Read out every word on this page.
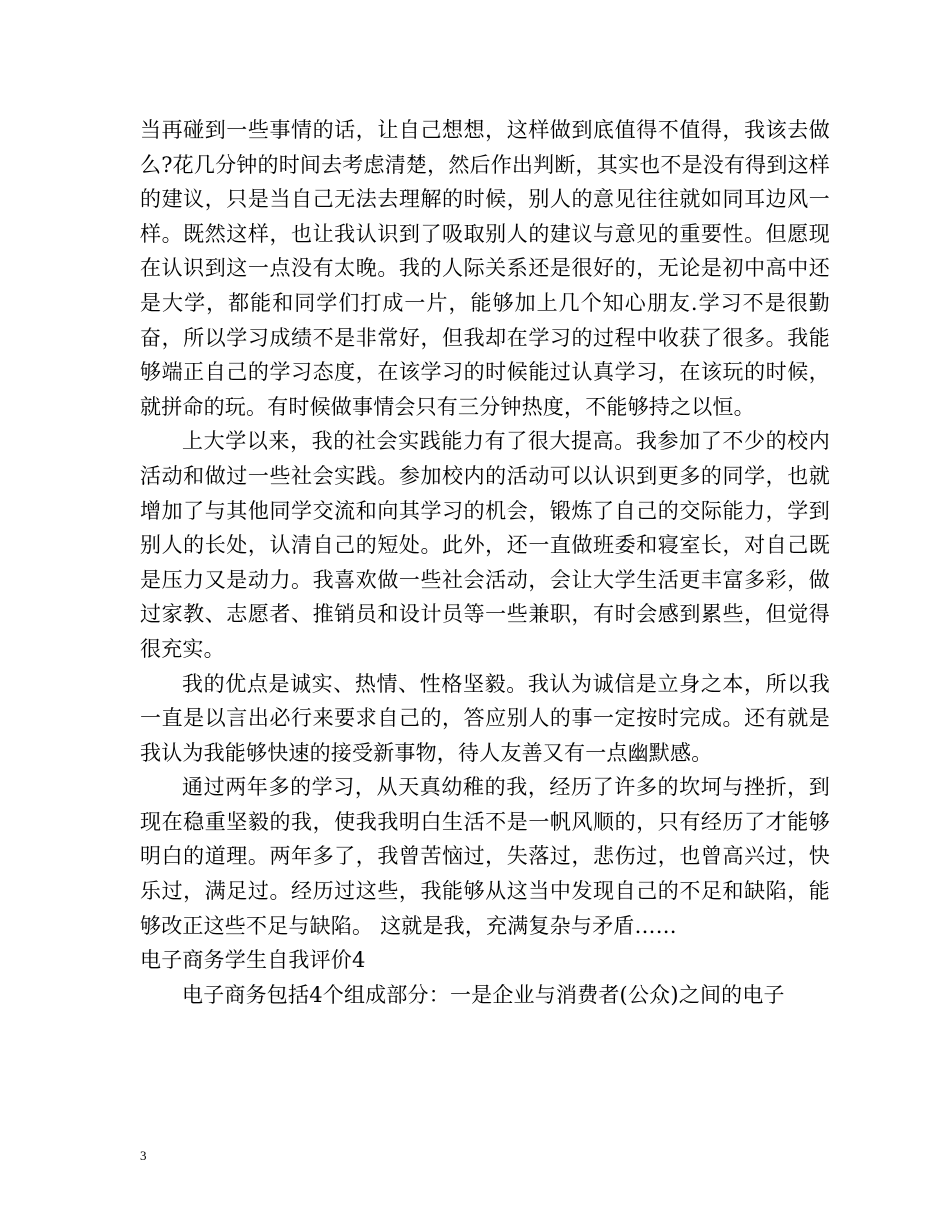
当再碰到一些事情的话，让自己想想，这样做到底值得不值得，我该去做么?花几分钟的时间去考虑清楚，然后作出判断，其实也不是没有得到这样的建议，只是当自己无法去理解的时候，别人的意见往往就如同耳边风一样。既然这样，也让我认识到了吸取别人的建议与意见的重要性。但愿现在认识到这一点没有太晚。我的人际关系还是很好的，无论是初中高中还是大学，都能和同学们打成一片，能够加上几个知心朋友.学习不是很勤奋，所以学习成绩不是非常好，但我却在学习的过程中收获了很多。我能够端正自己的学习态度，在该学习的时候能过认真学习，在该玩的时候，就拼命的玩。有时候做事情会只有三分钟热度，不能够持之以恒。

上大学以来，我的社会实践能力有了很大提高。我参加了不少的校内活动和做过一些社会实践。参加校内的活动可以认识到更多的同学，也就增加了与其他同学交流和向其学习的机会，锻炼了自己的交际能力，学到别人的长处，认清自己的短处。此外，还一直做班委和寝室长，对自己既是压力又是动力。我喜欢做一些社会活动，会让大学生活更丰富多彩，做过家教、志愿者、推销员和设计员等一些兼职，有时会感到累些，但觉得很充实。

我的优点是诚实、热情、性格坚毅。我认为诚信是立身之本，所以我一直是以言出必行来要求自己的，答应别人的事一定按时完成。还有就是我认为我能够快速的接受新事物，待人友善又有一点幽默感。

通过两年多的学习，从天真幼稚的我，经历了许多的坎坷与挫折，到现在稳重坚毅的我，使我我明白生活不是一帆风顺的，只有经历了才能够明白的道理。两年多了，我曾苦恼过，失落过，悲伤过，也曾高兴过，快乐过，满足过。经历过这些，我能够从这当中发现自己的不足和缺陷，能够改正这些不足与缺陷。 这就是我，充满复杂与矛盾……

电子商务学生自我评价4

电子商务包括4个组成部分：一是企业与消费者(公众)之间的电子

3
